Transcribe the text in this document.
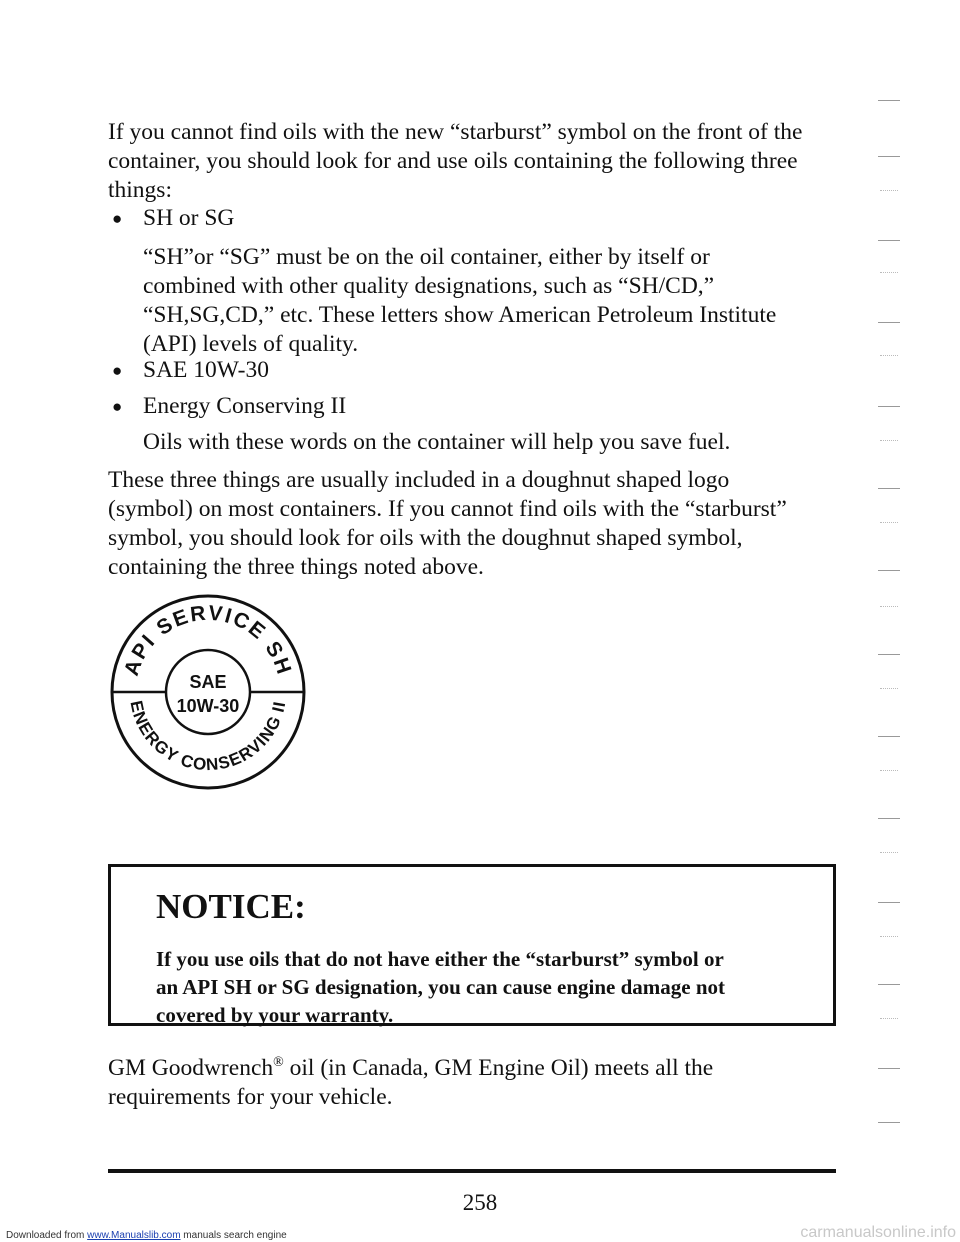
If you cannot find oils with the new “starburst” symbol on the front of the
container, you should look for and use oils containing the following three
things:
● SH or SG
“SH”or “SG” must be on the oil container, either by itself or
combined with other quality designations, such as “SH/CD,”
“SH,SG,CD,” etc. These letters show American Petroleum Institute
(API) levels of quality.
● SAE 10W-30
● Energy Conserving II
Oils with these words on the container will help you save fuel.
These three things are usually included in a doughnut shaped logo
(symbol) on most containers. If you cannot find oils with the “starburst”
symbol, you should look for oils with the doughnut shaped symbol,
containing the three things noted above.
API SERVICE SH
ENERGY CONSERVING II
SAE
10W-30
NOTICE:
If you use oils that do not have either the “starburst” symbol or
an API SH or SG designation, you can cause engine damage not
covered by your warranty.
GM Goodwrench® oil (in Canada, GM Engine Oil) meets all the
requirements for your vehicle.
258
Downloaded from www.Manualslib.com manuals search engine	carmanualsonline.info
